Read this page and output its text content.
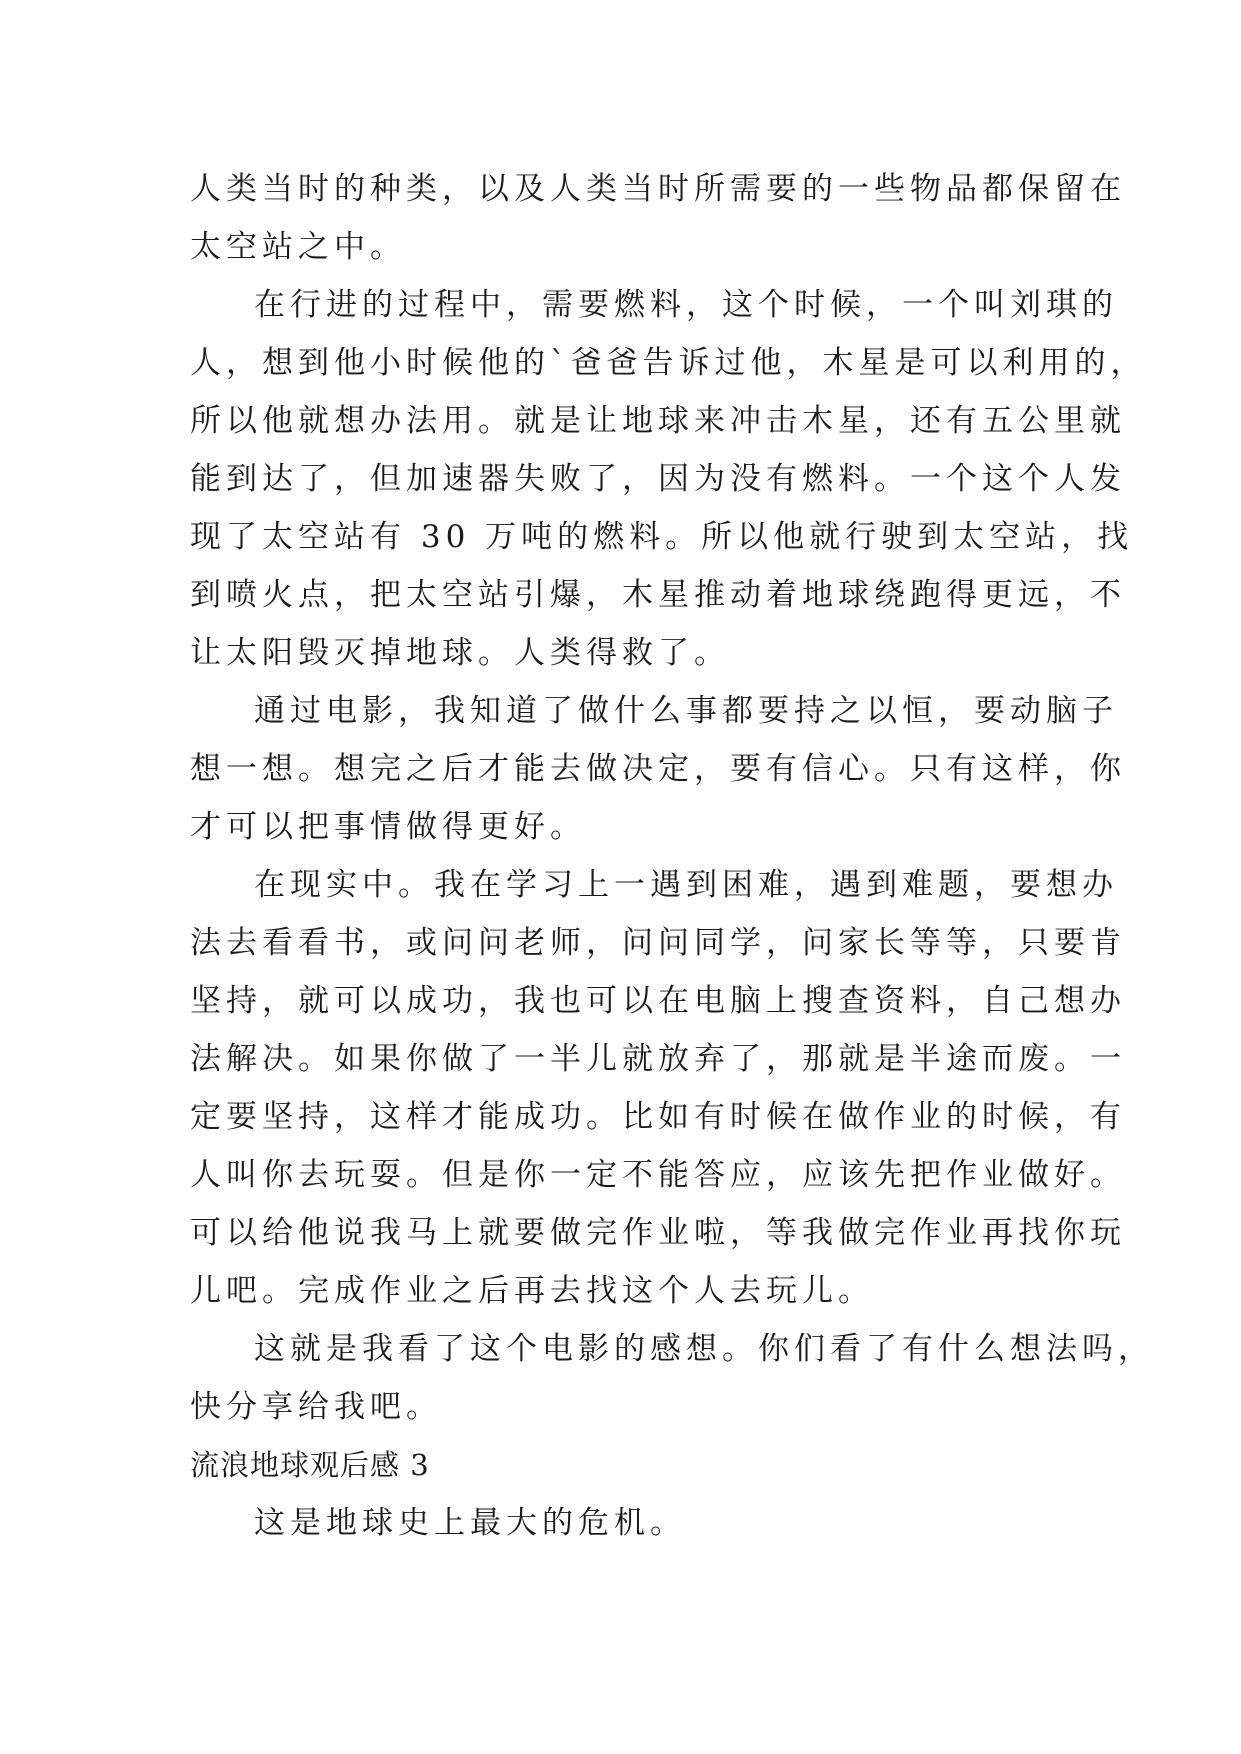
人类当时的种类，以及人类当时所需要的一些物品都保留在
太空站之中。
在行进的过程中，需要燃料，这个时候，一个叫刘琪的
人，想到他小时候他的`爸爸告诉过他，木星是可以利用的，
所以他就想办法用。就是让地球来冲击木星，还有五公里就
能到达了，但加速器失败了，因为没有燃料。一个这个人发
现了太空站有 30 万吨的燃料。所以他就行驶到太空站，找
到喷火点，把太空站引爆，木星推动着地球绕跑得更远，不
让太阳毁灭掉地球。人类得救了。
通过电影，我知道了做什么事都要持之以恒，要动脑子
想一想。想完之后才能去做决定，要有信心。只有这样，你
才可以把事情做得更好。
在现实中。我在学习上一遇到困难，遇到难题，要想办
法去看看书，或问问老师，问问同学，问家长等等，只要肯
坚持，就可以成功，我也可以在电脑上搜查资料，自己想办
法解决。如果你做了一半儿就放弃了，那就是半途而废。一
定要坚持，这样才能成功。比如有时候在做作业的时候，有
人叫你去玩耍。但是你一定不能答应，应该先把作业做好。
可以给他说我马上就要做完作业啦，等我做完作业再找你玩
儿吧。完成作业之后再去找这个人去玩儿。
这就是我看了这个电影的感想。你们看了有什么想法吗，
快分享给我吧。
流浪地球观后感 3
这是地球史上最大的危机。
